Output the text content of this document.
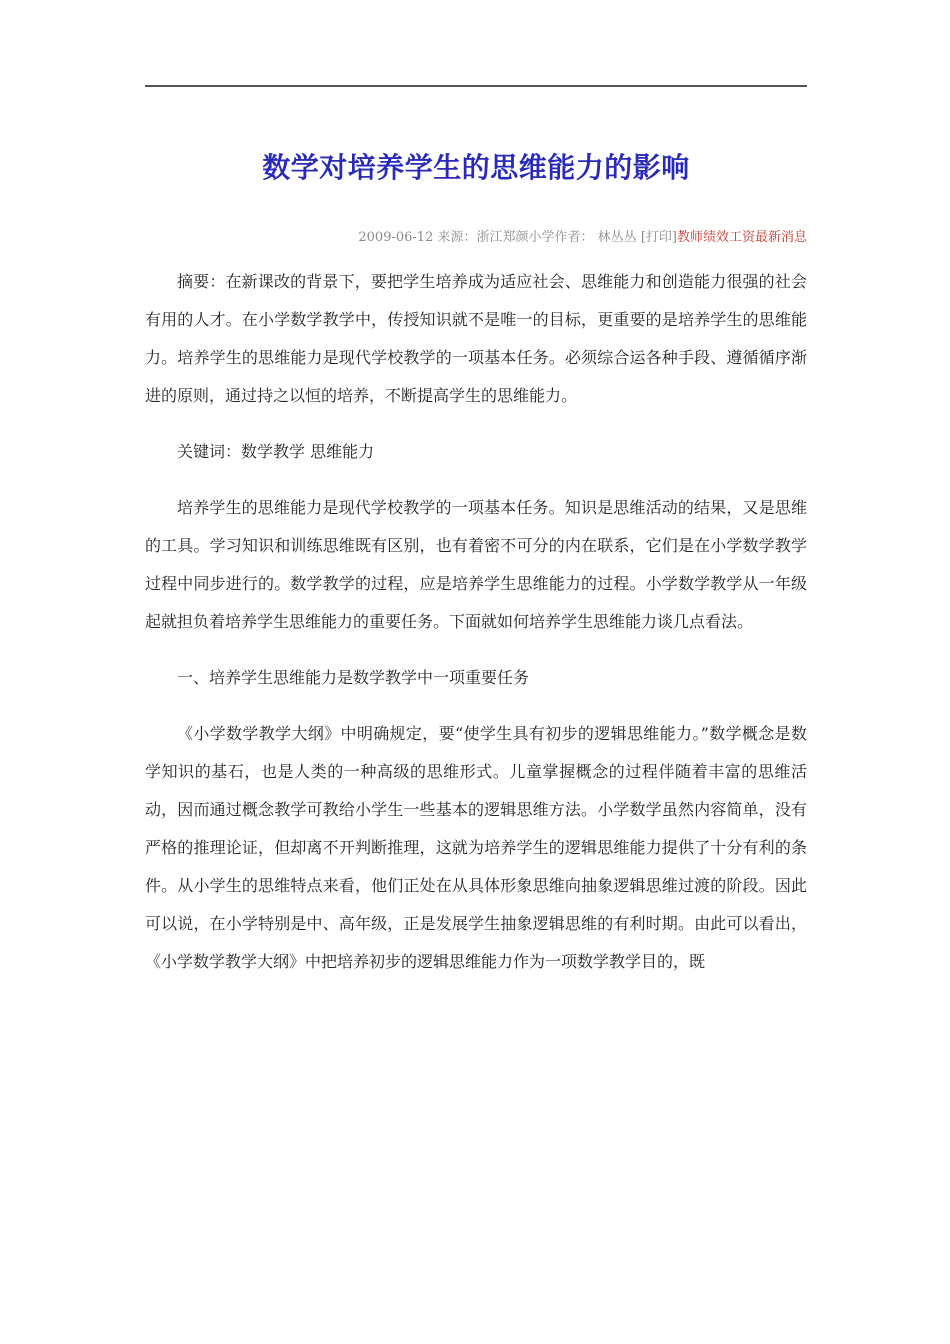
数学对培养学生的思维能力的影响
2009-06-12 来源：浙江郑颜小学作者： 林丛丛 [打印]教师绩效工资最新消息

摘要：在新课改的背景下，要把学生培养成为适应社会、思维能力和创造能力很强的社会有用的人才。在小学数学教学中，传授知识就不是唯一的目标，更重要的是培养学生的思维能力。培养学生的思维能力是现代学校教学的一项基本任务。必须综合运各种手段、遵循循序渐进的原则，通过持之以恒的培养，不断提高学生的思维能力。

关键词：数学教学 思维能力

培养学生的思维能力是现代学校教学的一项基本任务。知识是思维活动的结果，又是思维的工具。学习知识和训练思维既有区别，也有着密不可分的内在联系，它们是在小学数学教学过程中同步进行的。数学教学的过程，应是培养学生思维能力的过程。小学数学教学从一年级起就担负着培养学生思维能力的重要任务。下面就如何培养学生思维能力谈几点看法。

一、培养学生思维能力是数学教学中一项重要任务

《小学数学教学大纲》中明确规定，要“使学生具有初步的逻辑思维能力。”数学概念是数学知识的基石，也是人类的一种高级的思维形式。儿童掌握概念的过程伴随着丰富的思维活动，因而通过概念教学可教给小学生一些基本的逻辑思维方法。小学数学虽然内容简单，没有严格的推理论证，但却离不开判断推理，这就为培养学生的逻辑思维能力提供了十分有利的条件。从小学生的思维特点来看，他们正处在从具体形象思维向抽象逻辑思维过渡的阶段。因此可以说，在小学特别是中、高年级，正是发展学生抽象逻辑思维的有利时期。由此可以看出，《小学数学教学大纲》中把培养初步的逻辑思维能力作为一项数学教学目的，既
